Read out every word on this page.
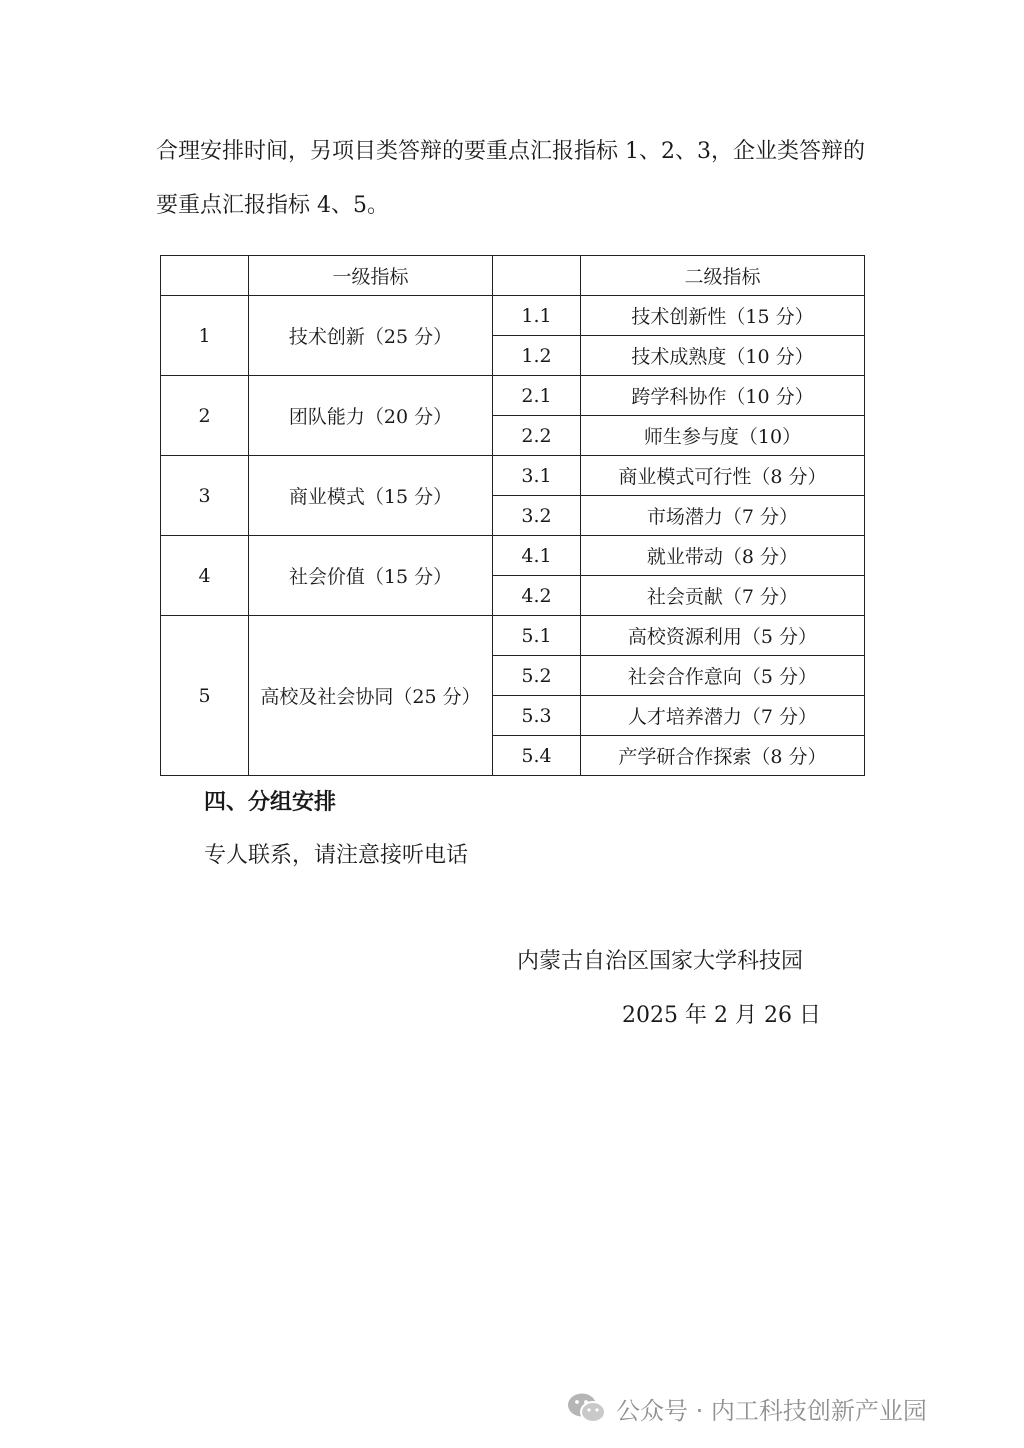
合理安排时间，另项目类答辩的要重点汇报指标 1、2、3，企业类答辩的要重点汇报指标 4、5。

	一级指标		二级指标
1	技术创新（25 分）	1.1	技术创新性（15 分）
		1.2	技术成熟度（10 分）
2	团队能力（20 分）	2.1	跨学科协作（10 分）
		2.2	师生参与度（10）
3	商业模式（15 分）	3.1	商业模式可行性（8 分）
		3.2	市场潜力（7 分）
4	社会价值（15 分）	4.1	就业带动（8 分）
		4.2	社会贡献（7 分）
5	高校及社会协同（25 分）	5.1	高校资源利用（5 分）
		5.2	社会合作意向（5 分）
		5.3	人才培养潜力（7 分）
		5.4	产学研合作探索（8 分）

四、分组安排

专人联系，请注意接听电话

内蒙古自治区国家大学科技园

2025 年 2 月 26 日

公众号 · 内工科技创新产业园
